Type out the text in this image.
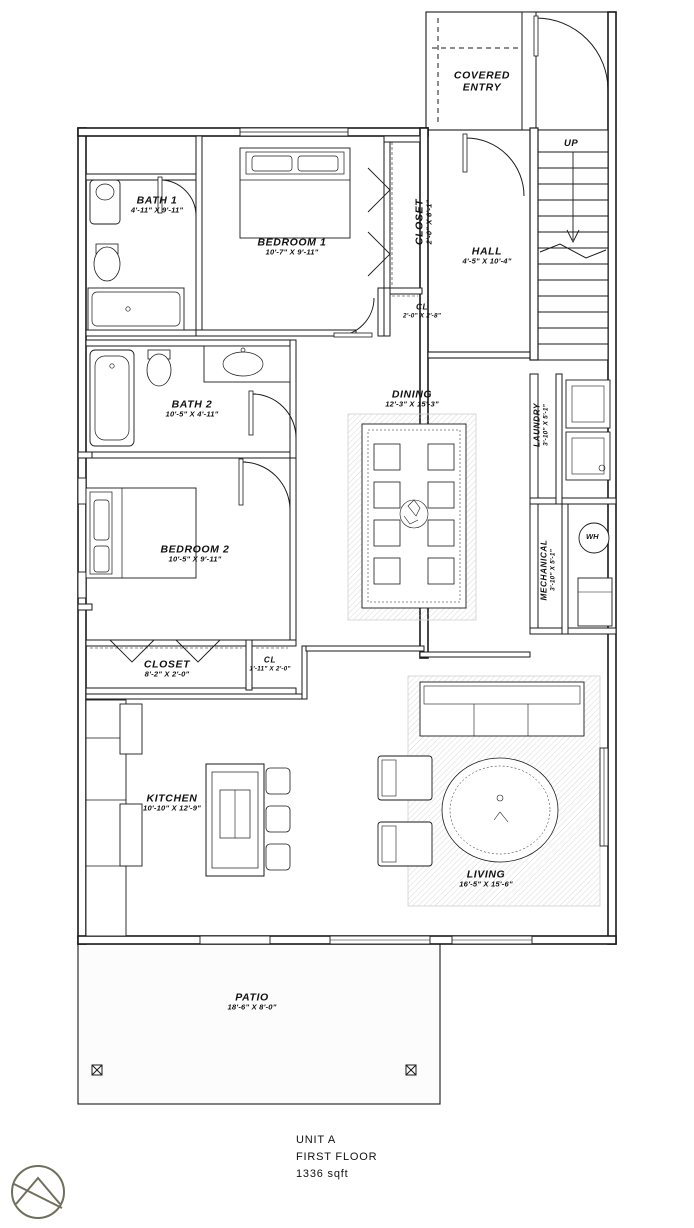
COVERED
ENTRY
BATH 1
4'-11" X 9'-11"
BEDROOM 1
10'-7" X 9'-11"
CLOSET 2'-0" X 6'-1"
HALL
4'-5" X 10'-4"
CL
2'-0" X 2'-8"
BATH 2
10'-5" X 4'-11"
DINING
12'-3" X 15'-3"	LAUNDRY 3'-10" X 5'-1"
BEDROOM 2
10'-5" X 9'-11"	MECHANICAL 3'-10" X 5'-1"
CLOSET
8'-2" X 2'-0"
CL
1'-11" X 2'-0"
KITCHEN
10'-10" X 12'-9"
LIVING
16'-5" X 15'-6"
PATIO
18'-6" X 8'-0"
UP
WH
UNIT A
FIRST FLOOR
1336 sqft
